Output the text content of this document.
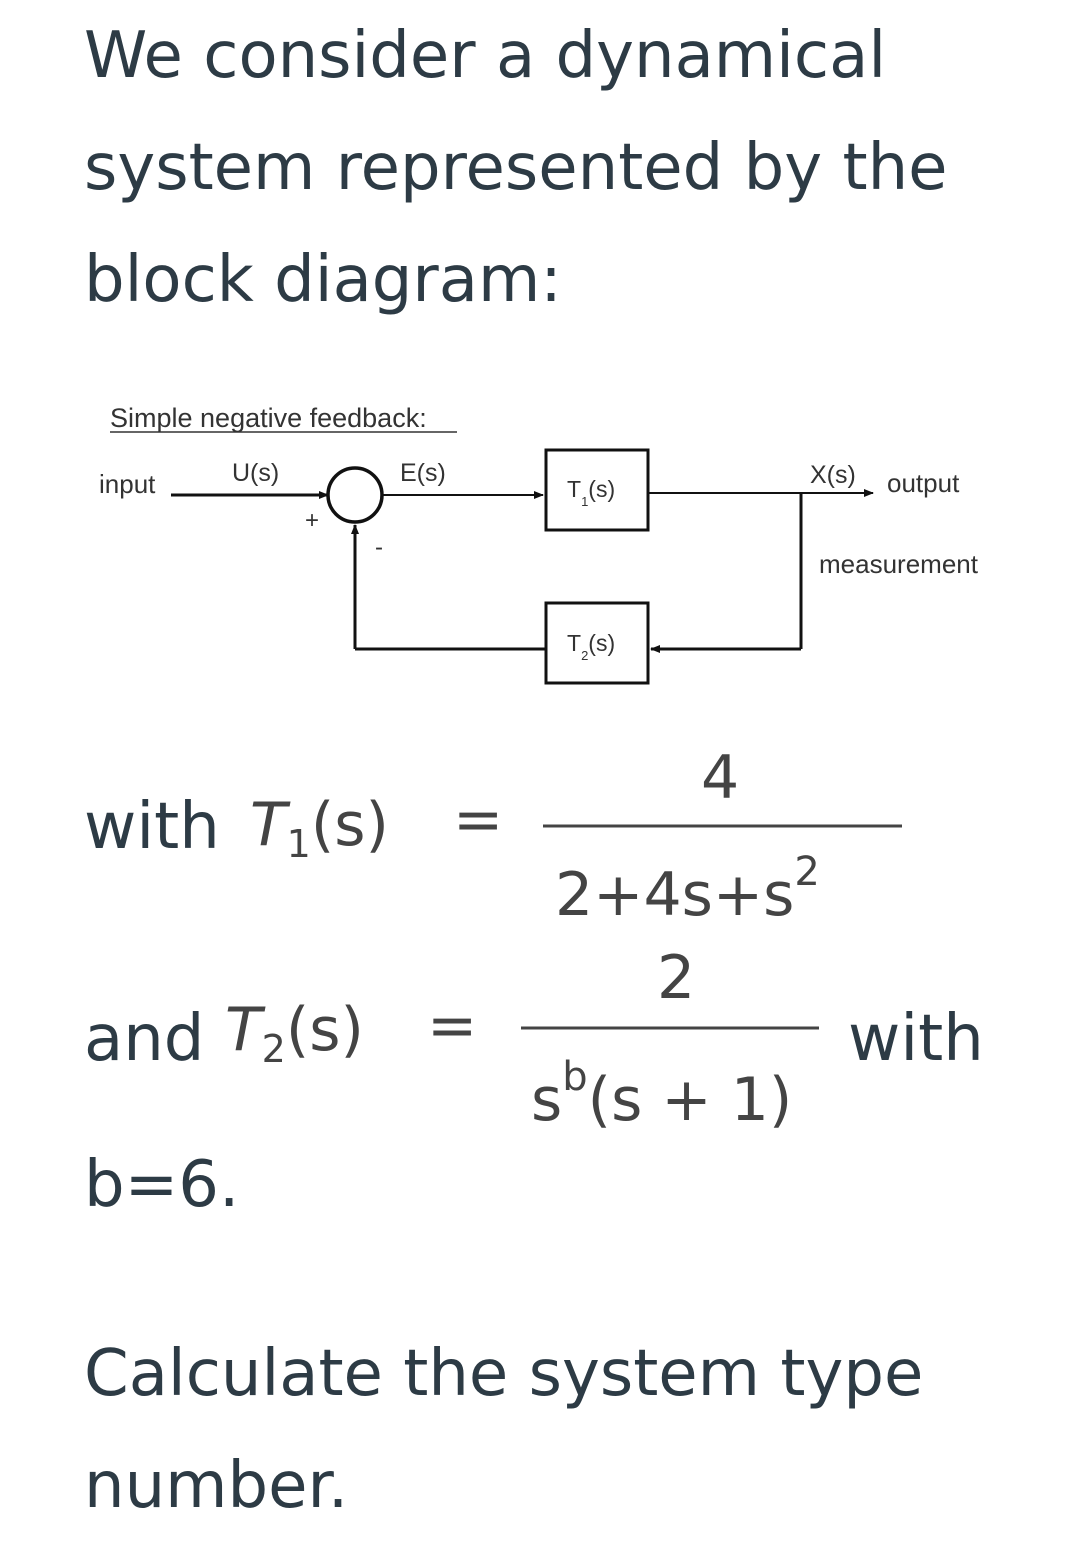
We consider a dynamical
system represented by the
block diagram:
Simple negative feedback:
input	U(s)	E(s)
+
-
$T_1(s)$	X(s) output
measurement
$T_2(s)$
with $T_1(s)$ =
4
$2+4s+s^2$
and $T_2(s)$ =
2
$s^b(s + 1)$
with
b=6.
Calculate the system type
number.
